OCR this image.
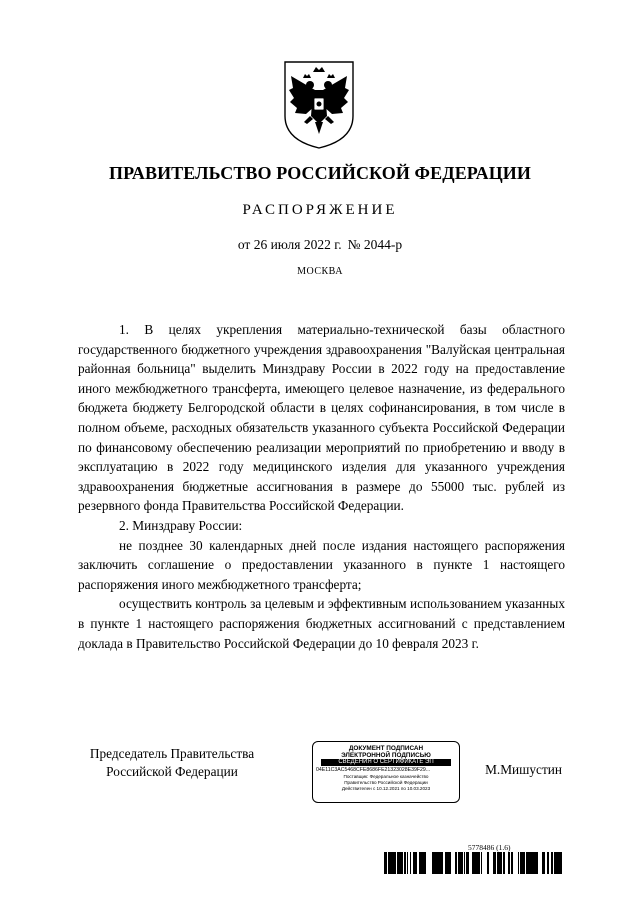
ПРАВИТЕЛЬСТВО РОССИЙСКОЙ ФЕДЕРАЦИИ
РАСПОРЯЖЕНИЕ
от 26 июля 2022 г. № 2044-р
МОСКВА

1. В целях укрепления материально-технической базы областного государственного бюджетного учреждения здравоохранения "Валуйская центральная районная больница" выделить Минздраву России в 2022 году на предоставление иного межбюджетного трансферта, имеющего целевое назначение, из федерального бюджета бюджету Белгородской области в целях софинансирования, в том числе в полном объеме, расходных обязательств указанного субъекта Российской Федерации по финансовому обеспечению реализации мероприятий по приобретению и вводу в эксплуатацию в 2022 году медицинского изделия для указанного учреждения здравоохранения бюджетные ассигнования в размере до 55000 тыс. рублей из резервного фонда Правительства Российской Федерации.

2. Минздраву России:

не позднее 30 календарных дней после издания настоящего распоряжения заключить соглашение о предоставлении указанного в пункте 1 настоящего распоряжения иного межбюджетного трансферта;

осуществить контроль за целевым и эффективным использованием указанных в пункте 1 настоящего распоряжения бюджетных ассигнований с представлением доклада в Правительство Российской Федерации до 10 февраля 2023 г.

Председатель Правительства
Российской Федерации
ДОКУМЕНТ ПОДПИСАН
ЭЛЕКТРОННОЙ ПОДПИСЬЮ
СВЕДЕНИЯ О СЕРТИФИКАТЕ ЭП
04E11C3AC5468CFE8686FE21323028E39F29...
Поставщик: Федеральное казначейство
Правительство Российской Федерации
Действителен с 10.12.2021 по 10.03.2023
М.Мишустин
5778486 (1.6)
